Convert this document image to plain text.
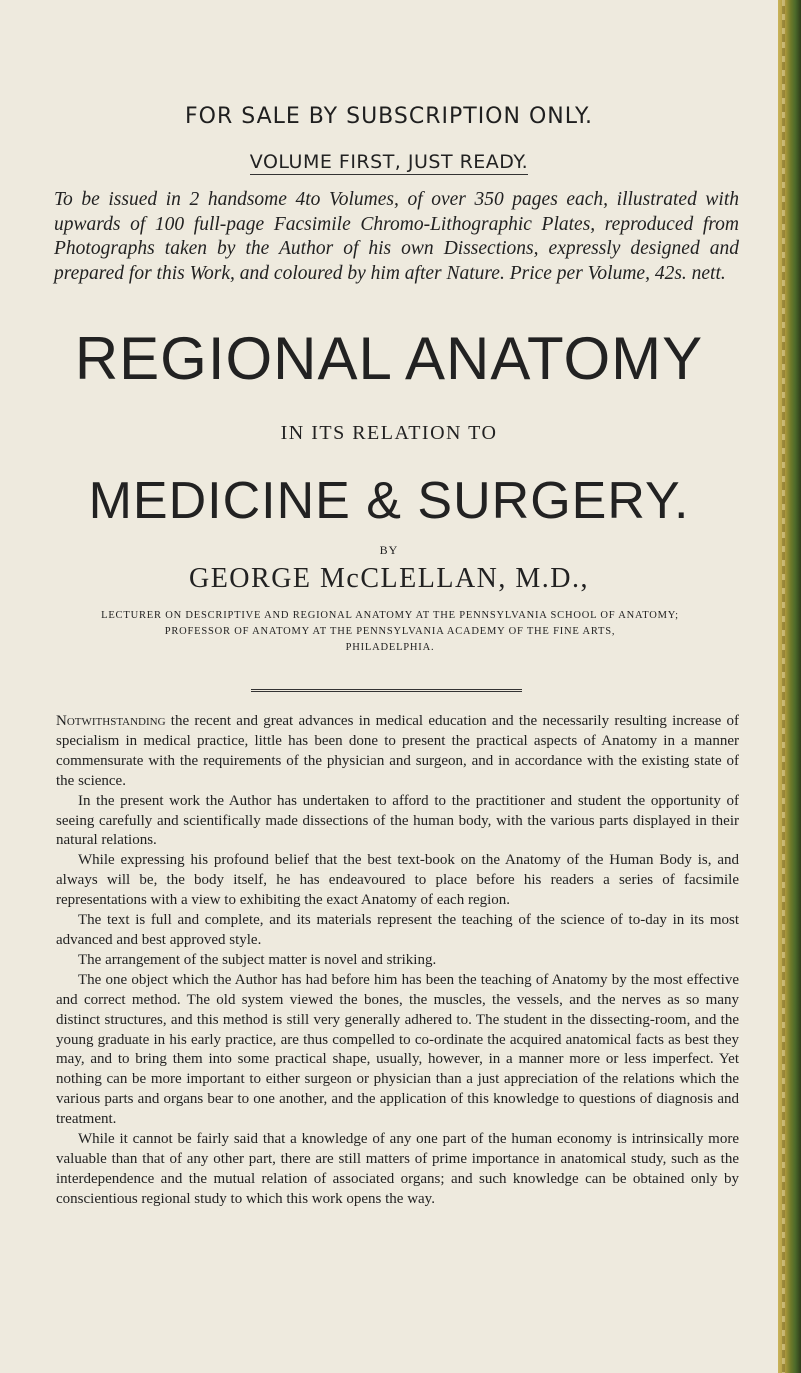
FOR SALE BY SUBSCRIPTION ONLY.
VOLUME FIRST, JUST READY.
To be issued in 2 handsome 4to Volumes, of over 350 pages each, illustrated with upwards of 100 full-page Facsimile Chromo-Lithographic Plates, reproduced from Photographs taken by the Author of his own Dissections, expressly designed and prepared for this Work, and coloured by him after Nature. Price per Volume, 42s. nett.
REGIONAL ANATOMY
IN ITS RELATION TO
MEDICINE & SURGERY.
BY
GEORGE McCLELLAN, M.D.,
LECTURER ON DESCRIPTIVE AND REGIONAL ANATOMY AT THE PENNSYLVANIA SCHOOL OF ANATOMY;
PROFESSOR OF ANATOMY AT THE PENNSYLVANIA ACADEMY OF THE FINE ARTS,
PHILADELPHIA.

Notwithstanding the recent and great advances in medical education and the necessarily resulting increase of specialism in medical practice, little has been done to present the practical aspects of Anatomy in a manner commensurate with the requirements of the physician and surgeon, and in accordance with the existing state of the science.

In the present work the Author has undertaken to afford to the practitioner and student the opportunity of seeing carefully and scientifically made dissections of the human body, with the various parts displayed in their natural relations.

While expressing his profound belief that the best text-book on the Anatomy of the Human Body is, and always will be, the body itself, he has endeavoured to place before his readers a series of facsimile representations with a view to exhibiting the exact Anatomy of each region.

The text is full and complete, and its materials represent the teaching of the science of to-day in its most advanced and best approved style.

The arrangement of the subject matter is novel and striking.

The one object which the Author has had before him has been the teaching of Anatomy by the most effective and correct method. The old system viewed the bones, the muscles, the vessels, and the nerves as so many distinct structures, and this method is still very generally adhered to. The student in the dissecting-room, and the young graduate in his early practice, are thus compelled to co-ordinate the acquired anatomical facts as best they may, and to bring them into some practical shape, usually, however, in a manner more or less imperfect. Yet nothing can be more important to either surgeon or physician than a just appreciation of the relations which the various parts and organs bear to one another, and the application of this knowledge to questions of diagnosis and treatment.

While it cannot be fairly said that a knowledge of any one part of the human economy is intrinsically more valuable than that of any other part, there are still matters of prime importance in anatomical study, such as the interdependence and the mutual relation of associated organs; and such knowledge can be obtained only by conscientious regional study to which this work opens the way.
